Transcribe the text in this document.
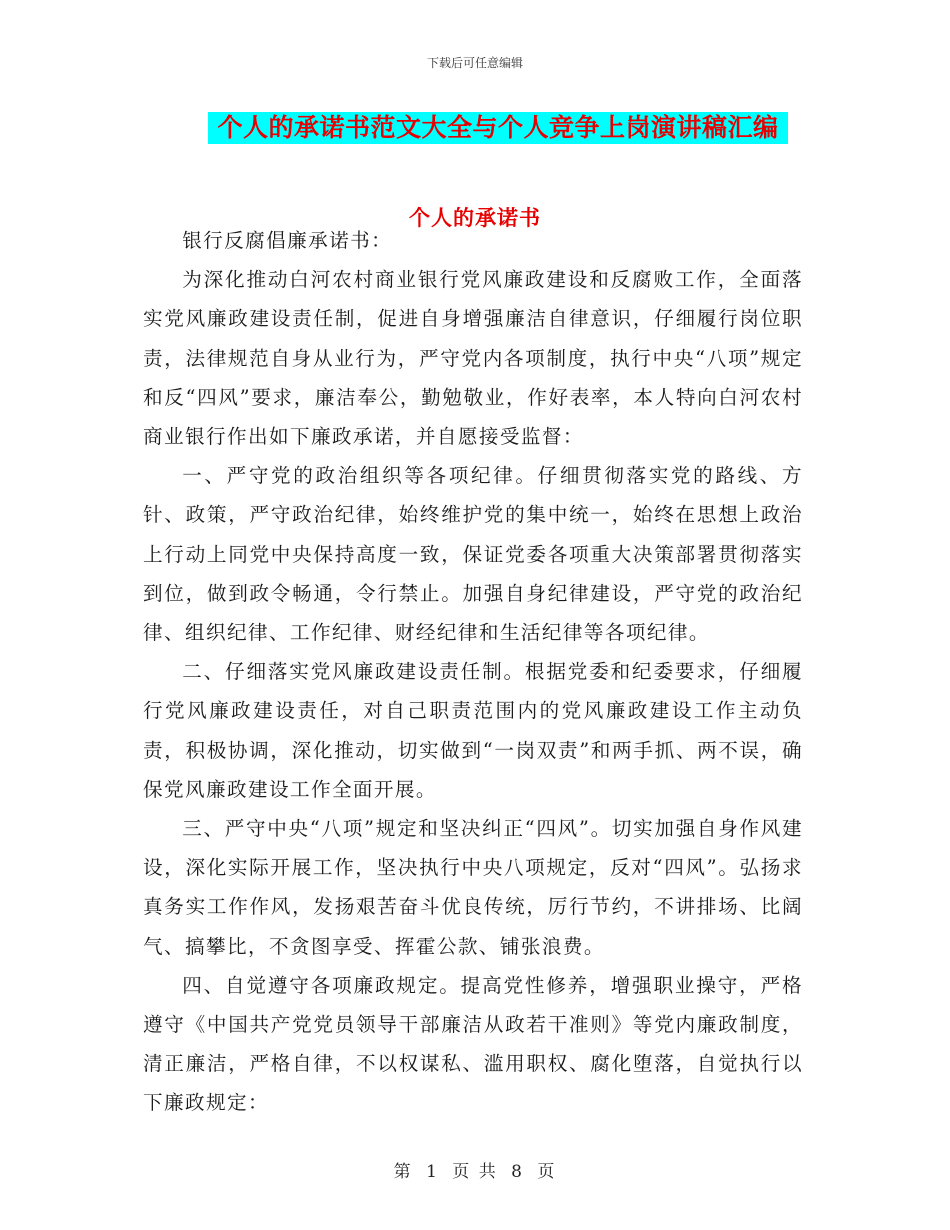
下载后可任意编辑
个人的承诺书范文大全与个人竞争上岗演讲稿汇编
个人的承诺书

银行反腐倡廉承诺书：

为深化推动白河农村商业银行党风廉政建设和反腐败工作，全面落实党风廉政建设责任制，促进自身增强廉洁自律意识，仔细履行岗位职责，法律规范自身从业行为，严守党内各项制度，执行中央“八项”规定和反“四风”要求，廉洁奉公，勤勉敬业，作好表率，本人特向白河农村商业银行作出如下廉政承诺，并自愿接受监督：

一、严守党的政治组织等各项纪律。仔细贯彻落实党的路线、方针、政策，严守政治纪律，始终维护党的集中统一，始终在思想上政治上行动上同党中央保持高度一致，保证党委各项重大决策部署贯彻落实到位，做到政令畅通，令行禁止。加强自身纪律建设，严守党的政治纪律、组织纪律、工作纪律、财经纪律和生活纪律等各项纪律。

二、仔细落实党风廉政建设责任制。根据党委和纪委要求，仔细履行党风廉政建设责任，对自己职责范围内的党风廉政建设工作主动负责，积极协调，深化推动，切实做到“一岗双责”和两手抓、两不误，确保党风廉政建设工作全面开展。

三、严守中央“八项”规定和坚决纠正“四风”。切实加强自身作风建设，深化实际开展工作，坚决执行中央八项规定，反对“四风”。弘扬求真务实工作作风，发扬艰苦奋斗优良传统，厉行节约，不讲排场、比阔气、搞攀比，不贪图享受、挥霍公款、铺张浪费。

四、自觉遵守各项廉政规定。提高党性修养，增强职业操守，严格遵守《中国共产党党员领导干部廉洁从政若干准则》等党内廉政制度，清正廉洁，严格自律，不以权谋私、滥用职权、腐化堕落，自觉执行以下廉政规定：

第 1 页 共 8 页
